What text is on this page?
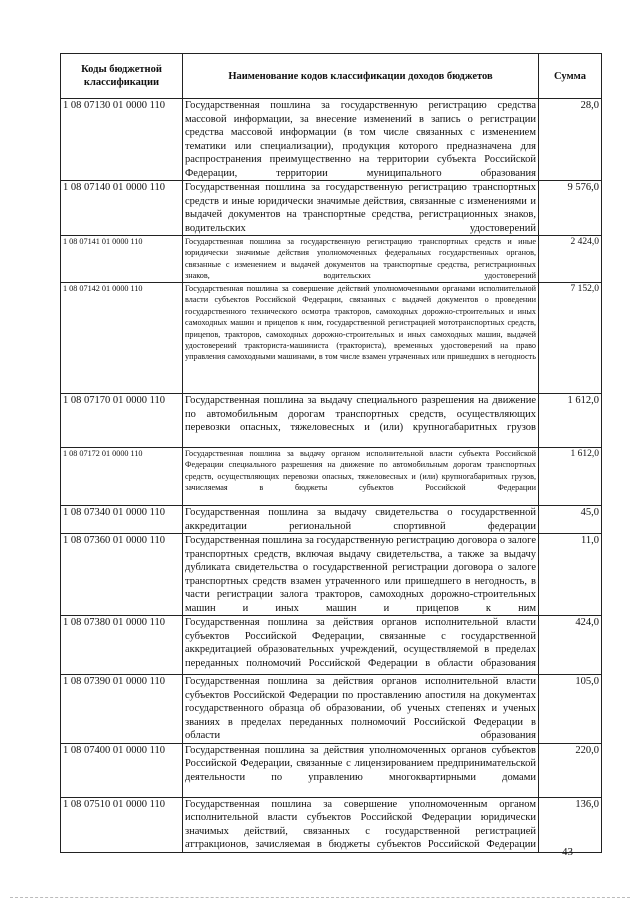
Коды бюджетной классификации	Наименование кодов классификации доходов бюджетов	Сумма
1 08 07130 01 0000 110	Государственная пошлина за государственную регистрацию средства массовой информации, за внесение изменений в запись о регистрации средства массовой информации (в том числе связанных с изменением тематики или специализации), продукция которого предназначена для распространения преимущественно на территории субъекта Российской Федерации, территории муниципального образования	28,0
1 08 07140 01 0000 110	Государственная пошлина за государственную регистрацию транспортных средств и иные юридически значимые действия, связанные с изменениями и выдачей документов на транспортные средства, регистрационных знаков, водительских удостоверений	9 576,0
1 08 07141 01 0000 110	Государственная пошлина за государственную регистрацию транспортных средств и иные юридически значимые действия уполномоченных федеральных государственных органов, связанные с изменением и выдачей документов на транспортные средства, регистрационных знаков, водительских удостоверений	2 424,0
1 08 07142 01 0000 110	Государственная пошлина за совершение действий уполномоченными органами исполнительной власти субъектов Российской Федерации, связанных с выдачей документов о проведении государственного технического осмотра тракторов, самоходных дорожно-строительных и иных самоходных машин и прицепов к ним, государственной регистрацией мототранспортных средств, прицепов, тракторов, самоходных дорожно-строительных и иных самоходных машин, выдачей удостоверений тракториста-машиниста (тракториста), временных удостоверений на право управления самоходными машинами, в том числе взамен утраченных или пришедших в негодность	7 152,0
1 08 07170 01 0000 110	Государственная пошлина за выдачу специального разрешения на движение по автомобильным дорогам транспортных средств, осуществляющих перевозки опасных, тяжеловесных и (или) крупногабаритных грузов	1 612,0
1 08 07172 01 0000 110	Государственная пошлина за выдачу органом исполнительной власти субъекта Российской Федерации специального разрешения на движение по автомобильным дорогам транспортных средств, осуществляющих перевозки опасных, тяжеловесных и (или) крупногабаритных грузов, зачисляемая в бюджеты субъектов Российской Федерации	1 612,0
1 08 07340 01 0000 110	Государственная пошлина за выдачу свидетельства о государственной аккредитации региональной спортивной федерации	45,0
1 08 07360 01 0000 110	Государственная пошлина за государственную регистрацию договора о залоге транспортных средств, включая выдачу свидетельства, а также за выдачу дубликата свидетельства о государственной регистрации договора о залоге транспортных средств взамен утраченного или пришедшего в негодность, в части регистрации залога тракторов, самоходных дорожно-строительных машин и иных машин и прицепов к ним	11,0
1 08 07380 01 0000 110	Государственная пошлина за действия органов исполнительной власти субъектов Российской Федерации, связанные с государственной аккредитацией образовательных учреждений, осуществляемой в пределах переданных полномочий Российской Федерации в области образования	424,0
1 08 07390 01 0000 110	Государственная пошлина за действия органов исполнительной власти субъектов Российской Федерации по проставлению апостиля на документах государственного образца об образовании, об ученых степенях и ученых званиях в пределах переданных полномочий Российской Федерации в области образования	105,0
1 08 07400 01 0000 110	Государственная пошлина за действия уполномоченных органов субъектов Российской Федерации, связанные с лицензированием предпринимательской деятельности по управлению многоквартирными домами	220,0
1 08 07510 01 0000 110	Государственная пошлина за совершение уполномоченным органом исполнительной власти субъектов Российской Федерации юридически значимых действий, связанных с государственной регистрацией аттракционов, зачисляемая в бюджеты субъектов Российской Федерации	136,0
43
